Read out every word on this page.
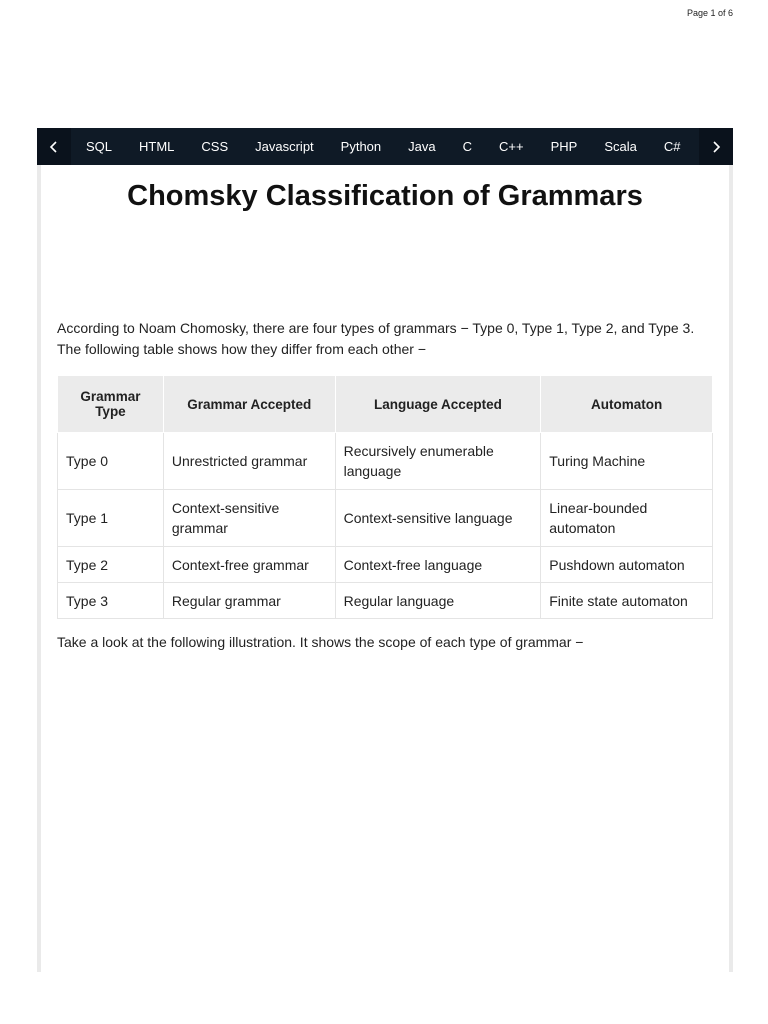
Page 1 of 6
SQL	HTML	CSS	Javascript	Python	Java	C	C++	PHP	Scala	C#
Chomsky Classification of Grammars

According to Noam Chomosky, there are four types of grammars − Type 0, Type 1, Type 2, and Type 3. The following table shows how they differ from each other −

Grammar Type	Grammar Accepted	Language Accepted	Automaton
Type 0	Unrestricted grammar	Recursively enumerable language	Turing Machine
Type 1	Context-sensitive grammar	Context-sensitive language	Linear-bounded automaton
Type 2	Context-free grammar	Context-free language	Pushdown automaton
Type 3	Regular grammar	Regular language	Finite state automaton

Take a look at the following illustration. It shows the scope of each type of grammar −
